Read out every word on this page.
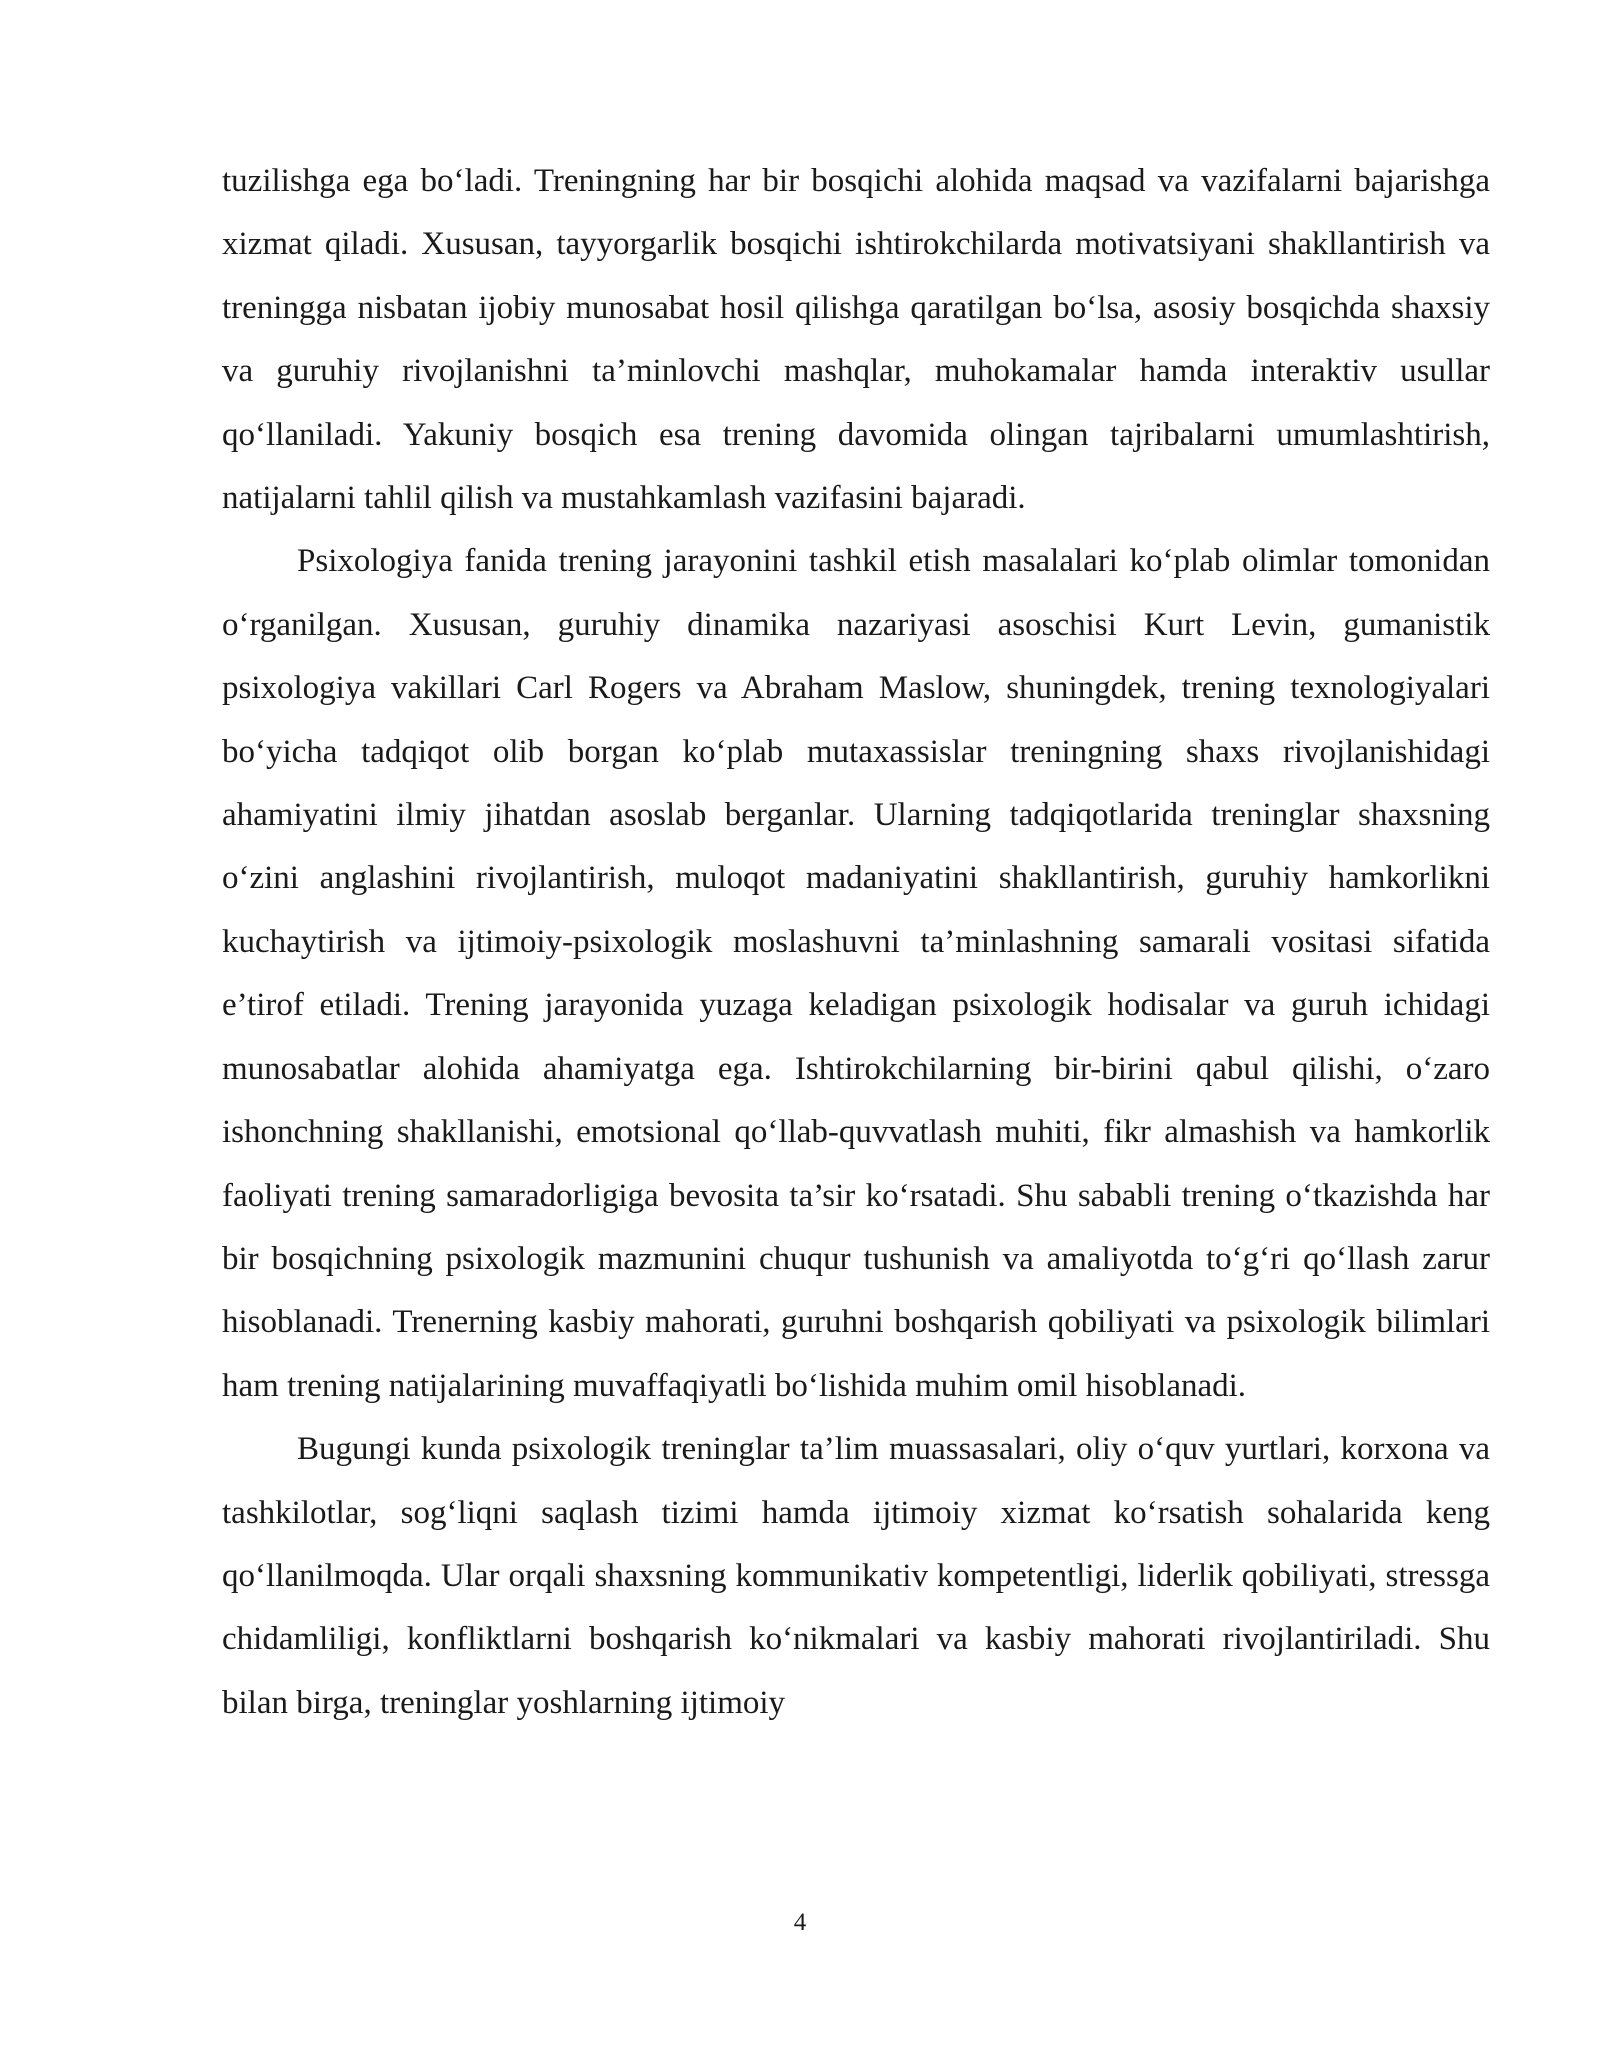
tuzilishga ega bo‘ladi. Treningning har bir bosqichi alohida maqsad va vazifalarni bajarishga xizmat qiladi. Xususan, tayyorgarlik bosqichi ishtirokchilarda motivatsiyani shakllantirish va treningga nisbatan ijobiy munosabat hosil qilishga qaratilgan bo‘lsa, asosiy bosqichda shaxsiy va guruhiy rivojlanishni ta’minlovchi mashqlar, muhokamalar hamda interaktiv usullar qo‘llaniladi. Yakuniy bosqich esa trening davomida olingan tajribalarni umumlashtirish, natijalarni tahlil qilish va mustahkamlash vazifasini bajaradi.

Psixologiya fanida trening jarayonini tashkil etish masalalari ko‘plab olimlar tomonidan o‘rganilgan. Xususan, guruhiy dinamika nazariyasi asoschisi Kurt Levin, gumanistik psixologiya vakillari Carl Rogers va Abraham Maslow, shuningdek, trening texnologiyalari bo‘yicha tadqiqot olib borgan ko‘plab mutaxassislar treningning shaxs rivojlanishidagi ahamiyatini ilmiy jihatdan asoslab berganlar. Ularning tadqiqotlarida treninglar shaxsning o‘zini anglashini rivojlantirish, muloqot madaniyatini shakllantirish, guruhiy hamkorlikni kuchaytirish va ijtimoiy-psixologik moslashuvni ta’minlashning samarali vositasi sifatida e’tirof etiladi. Trening jarayonida yuzaga keladigan psixologik hodisalar va guruh ichidagi munosabatlar alohida ahamiyatga ega. Ishtirokchilarning bir-birini qabul qilishi, o‘zaro ishonchning shakllanishi, emotsional qo‘llab-quvvatlash muhiti, fikr almashish va hamkorlik faoliyati trening samaradorligiga bevosita ta’sir ko‘rsatadi. Shu sababli trening o‘tkazishda har bir bosqichning psixologik mazmunini chuqur tushunish va amaliyotda to‘g‘ri qo‘llash zarur hisoblanadi. Trenerning kasbiy mahorati, guruhni boshqarish qobiliyati va psixologik bilimlari ham trening natijalarining muvaffaqiyatli bo‘lishida muhim omil hisoblanadi.

Bugungi kunda psixologik treninglar ta’lim muassasalari, oliy o‘quv yurtlari, korxona va tashkilotlar, sog‘liqni saqlash tizimi hamda ijtimoiy xizmat ko‘rsatish sohalarida keng qo‘llanilmoqda. Ular orqali shaxsning kommunikativ kompetentligi, liderlik qobiliyati, stressga chidamliligi, konfliktlarni boshqarish ko‘nikmalari va kasbiy mahorati rivojlantiriladi. Shu bilan birga, treninglar yoshlarning ijtimoiy

4
